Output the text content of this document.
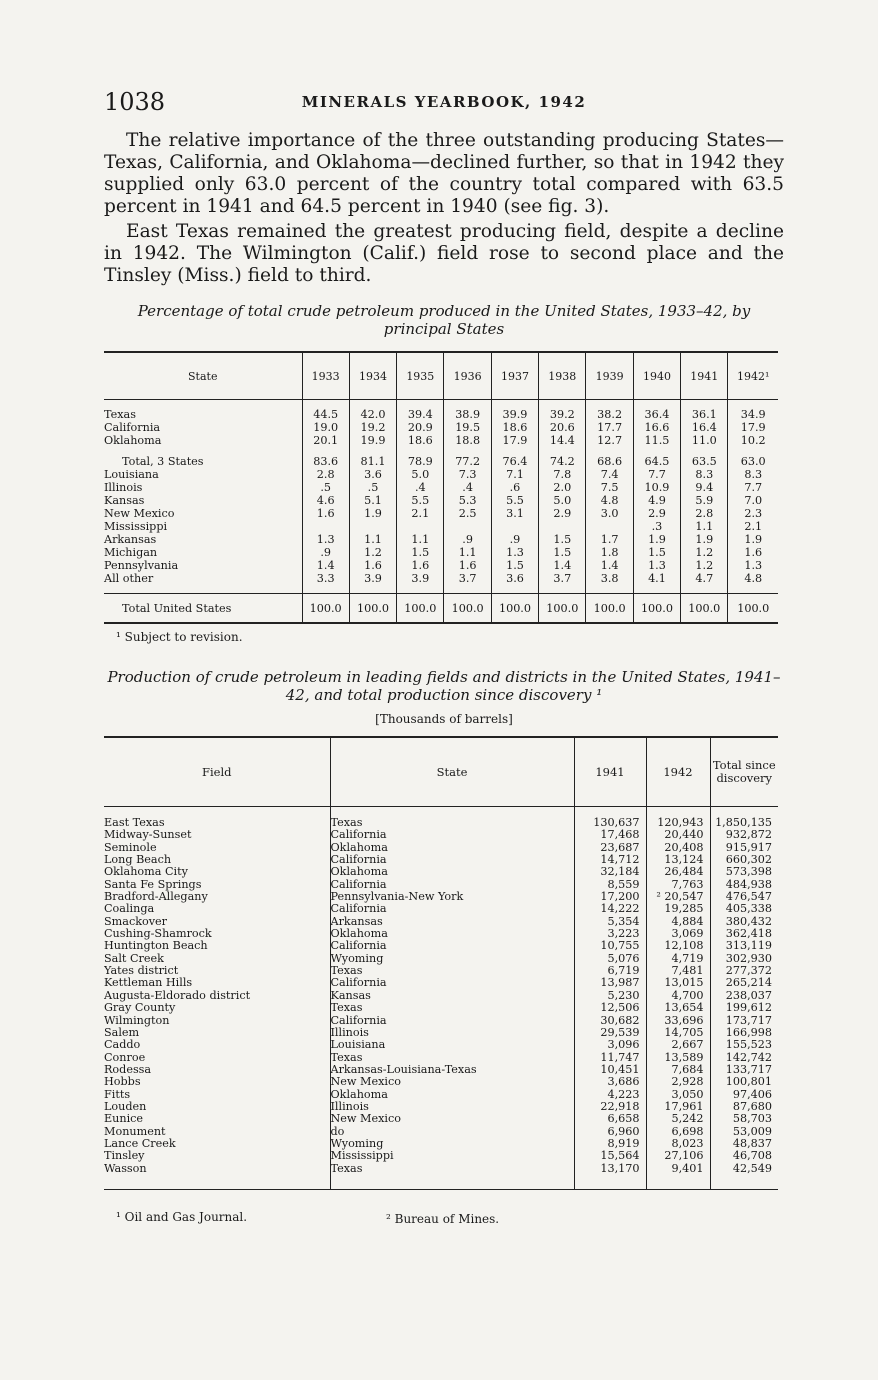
1038	MINERALS YEARBOOK, 1942

The relative importance of the three outstanding producing States—Texas, California, and Oklahoma—declined further, so that in 1942 they supplied only 63.0 percent of the country total compared with 63.5 percent in 1941 and 64.5 percent in 1940 (see fig. 3).

East Texas remained the greatest producing field, despite a decline in 1942. The Wilmington (Calif.) field rose to second place and the Tinsley (Miss.) field to third.

Percentage of total crude petroleum produced in the United States, 1933–42, by principal States
State	1933	1934	1935	1936	1937	1938	1939	1940	1941	1942¹

Texas	44.5	42.0	39.4	38.9	39.9	39.2	38.2	36.4	36.1	34.9
California	19.0	19.2	20.9	19.5	18.6	20.6	17.7	16.6	16.4	17.9
Oklahoma	20.1	19.9	18.6	18.8	17.9	14.4	12.7	11.5	11.0	10.2

Total, 3 States	83.6	81.1	78.9	77.2	76.4	74.2	68.6	64.5	63.5	63.0
Louisiana	2.8	3.6	5.0	7.3	7.1	7.8	7.4	7.7	8.3	8.3
Illinois	.5	.5	.4	.4	.6	2.0	7.5	10.9	9.4	7.7
Kansas	4.6	5.1	5.5	5.3	5.5	5.0	4.8	4.9	5.9	7.0
New Mexico	1.6	1.9	2.1	2.5	3.1	2.9	3.0	2.9	2.8	2.3
Mississippi								.3	1.1	2.1
Arkansas	1.3	1.1	1.1	.9	.9	1.5	1.7	1.9	1.9	1.9
Michigan	.9	1.2	1.5	1.1	1.3	1.5	1.8	1.5	1.2	1.6
Pennsylvania	1.4	1.6	1.6	1.6	1.5	1.4	1.4	1.3	1.2	1.3
All other	3.3	3.9	3.9	3.7	3.6	3.7	3.8	4.1	4.7	4.8

Total United States	100.0	100.0	100.0	100.0	100.0	100.0	100.0	100.0	100.0	100.0
¹ Subject to revision.
Production of crude petroleum in leading fields and districts in the United States, 1941–42, and total production since discovery ¹
[Thousands of barrels]
Field	State	1941	1942	Total since discovery
East Texas	Texas	130,637	120,943	1,850,135
Midway-Sunset	California	17,468	20,440	932,872
Seminole	Oklahoma	23,687	20,408	915,917
Long Beach	California	14,712	13,124	660,302
Oklahoma City	Oklahoma	32,184	26,484	573,398
Santa Fe Springs	California	8,559	7,763	484,938
Bradford-Allegany	Pennsylvania-New York	17,200	² 20,547	476,547
Coalinga	California	14,222	19,285	405,338
Smackover	Arkansas	5,354	4,884	380,432
Cushing-Shamrock	Oklahoma	3,223	3,069	362,418
Huntington Beach	California	10,755	12,108	313,119
Salt Creek	Wyoming	5,076	4,719	302,930
Yates district	Texas	6,719	7,481	277,372
Kettleman Hills	California	13,987	13,015	265,214
Augusta-Eldorado district	Kansas	5,230	4,700	238,037
Gray County	Texas	12,506	13,654	199,612
Wilmington	California	30,682	33,696	173,717
Salem	Illinois	29,539	14,705	166,998
Caddo	Louisiana	3,096	2,667	155,523
Conroe	Texas	11,747	13,589	142,742
Rodessa	Arkansas-Louisiana-Texas	10,451	7,684	133,717
Hobbs	New Mexico	3,686	2,928	100,801
Fitts	Oklahoma	4,223	3,050	97,406
Louden	Illinois	22,918	17,961	87,680
Eunice	New Mexico	6,658	5,242	58,703
Monument	do	6,960	6,698	53,009
Lance Creek	Wyoming	8,919	8,023	48,837
Tinsley	Mississippi	15,564	27,106	46,708
Wasson	Texas	13,170	9,401	42,549
¹ Oil and Gas Journal.	² Bureau of Mines.
